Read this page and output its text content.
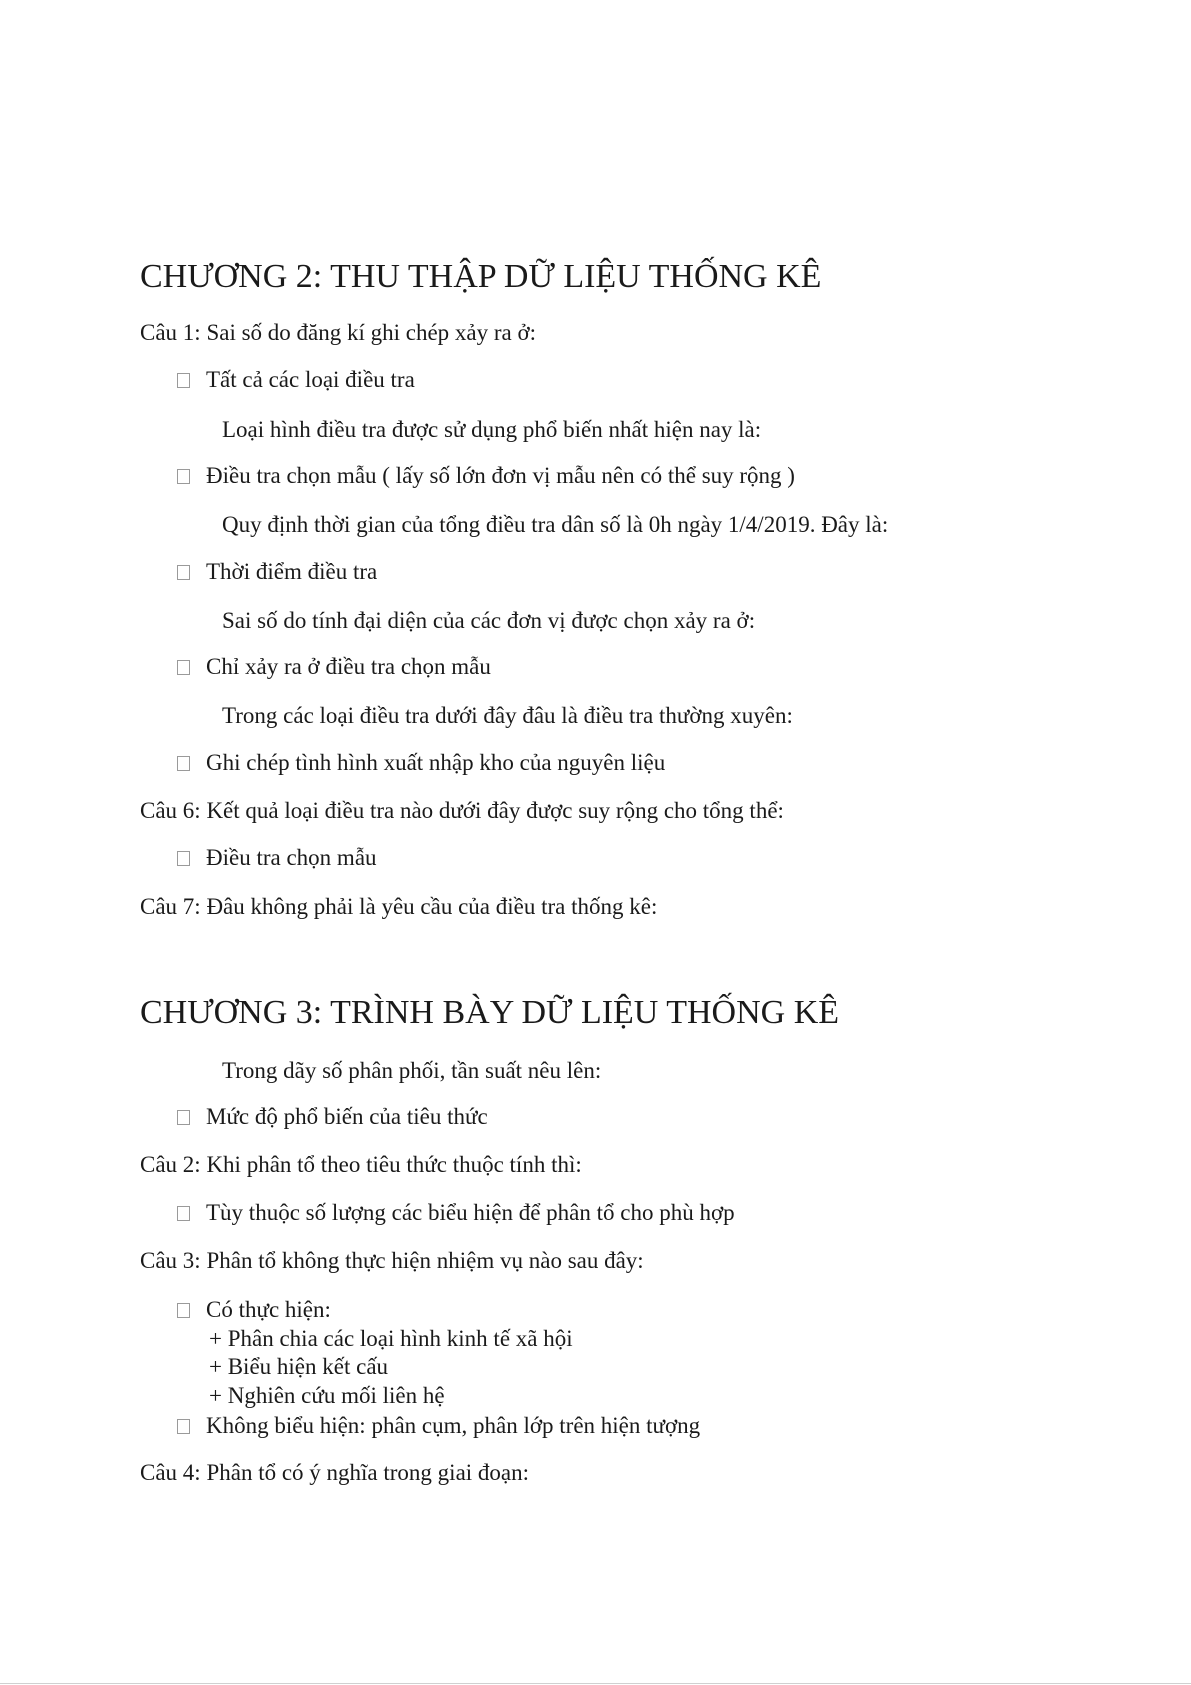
CHƯƠNG 2: THU THẬP DỮ LIỆU THỐNG KÊ
Câu 1: Sai số do đăng kí ghi chép xảy ra ở:
Tất cả các loại điều tra
Loại hình điều tra được sử dụng phổ biến nhất hiện nay là:
Điều tra chọn mẫu ( lấy số lớn đơn vị mẫu nên có thể suy rộng )
Quy định thời gian của tổng điều tra dân số là 0h ngày 1/4/2019. Đây là:
Thời điểm điều tra
Sai số do tính đại diện của các đơn vị được chọn xảy ra ở:
Chỉ xảy ra ở điều tra chọn mẫu
Trong các loại điều tra dưới đây đâu là điều tra thường xuyên:
Ghi chép tình hình xuất nhập kho của nguyên liệu
Câu 6: Kết quả loại điều tra nào dưới đây được suy rộng cho tổng thể:
Điều tra chọn mẫu
Câu 7: Đâu không phải là yêu cầu của điều tra thống kê:
CHƯƠNG 3: TRÌNH BÀY DỮ LIỆU THỐNG KÊ
Trong dãy số phân phối, tần suất nêu lên:
Mức độ phổ biến của tiêu thức
Câu 2: Khi phân tổ theo tiêu thức thuộc tính thì:
Tùy thuộc số lượng các biểu hiện để phân tổ cho phù hợp
Câu 3: Phân tổ không thực hiện nhiệm vụ nào sau đây:
Có thực hiện:
+ Phân chia các loại hình kinh tế xã hội
+ Biểu hiện kết cấu
+ Nghiên cứu mối liên hệ
Không biểu hiện: phân cụm, phân lớp trên hiện tượng
Câu 4: Phân tổ có ý nghĩa trong giai đoạn:
